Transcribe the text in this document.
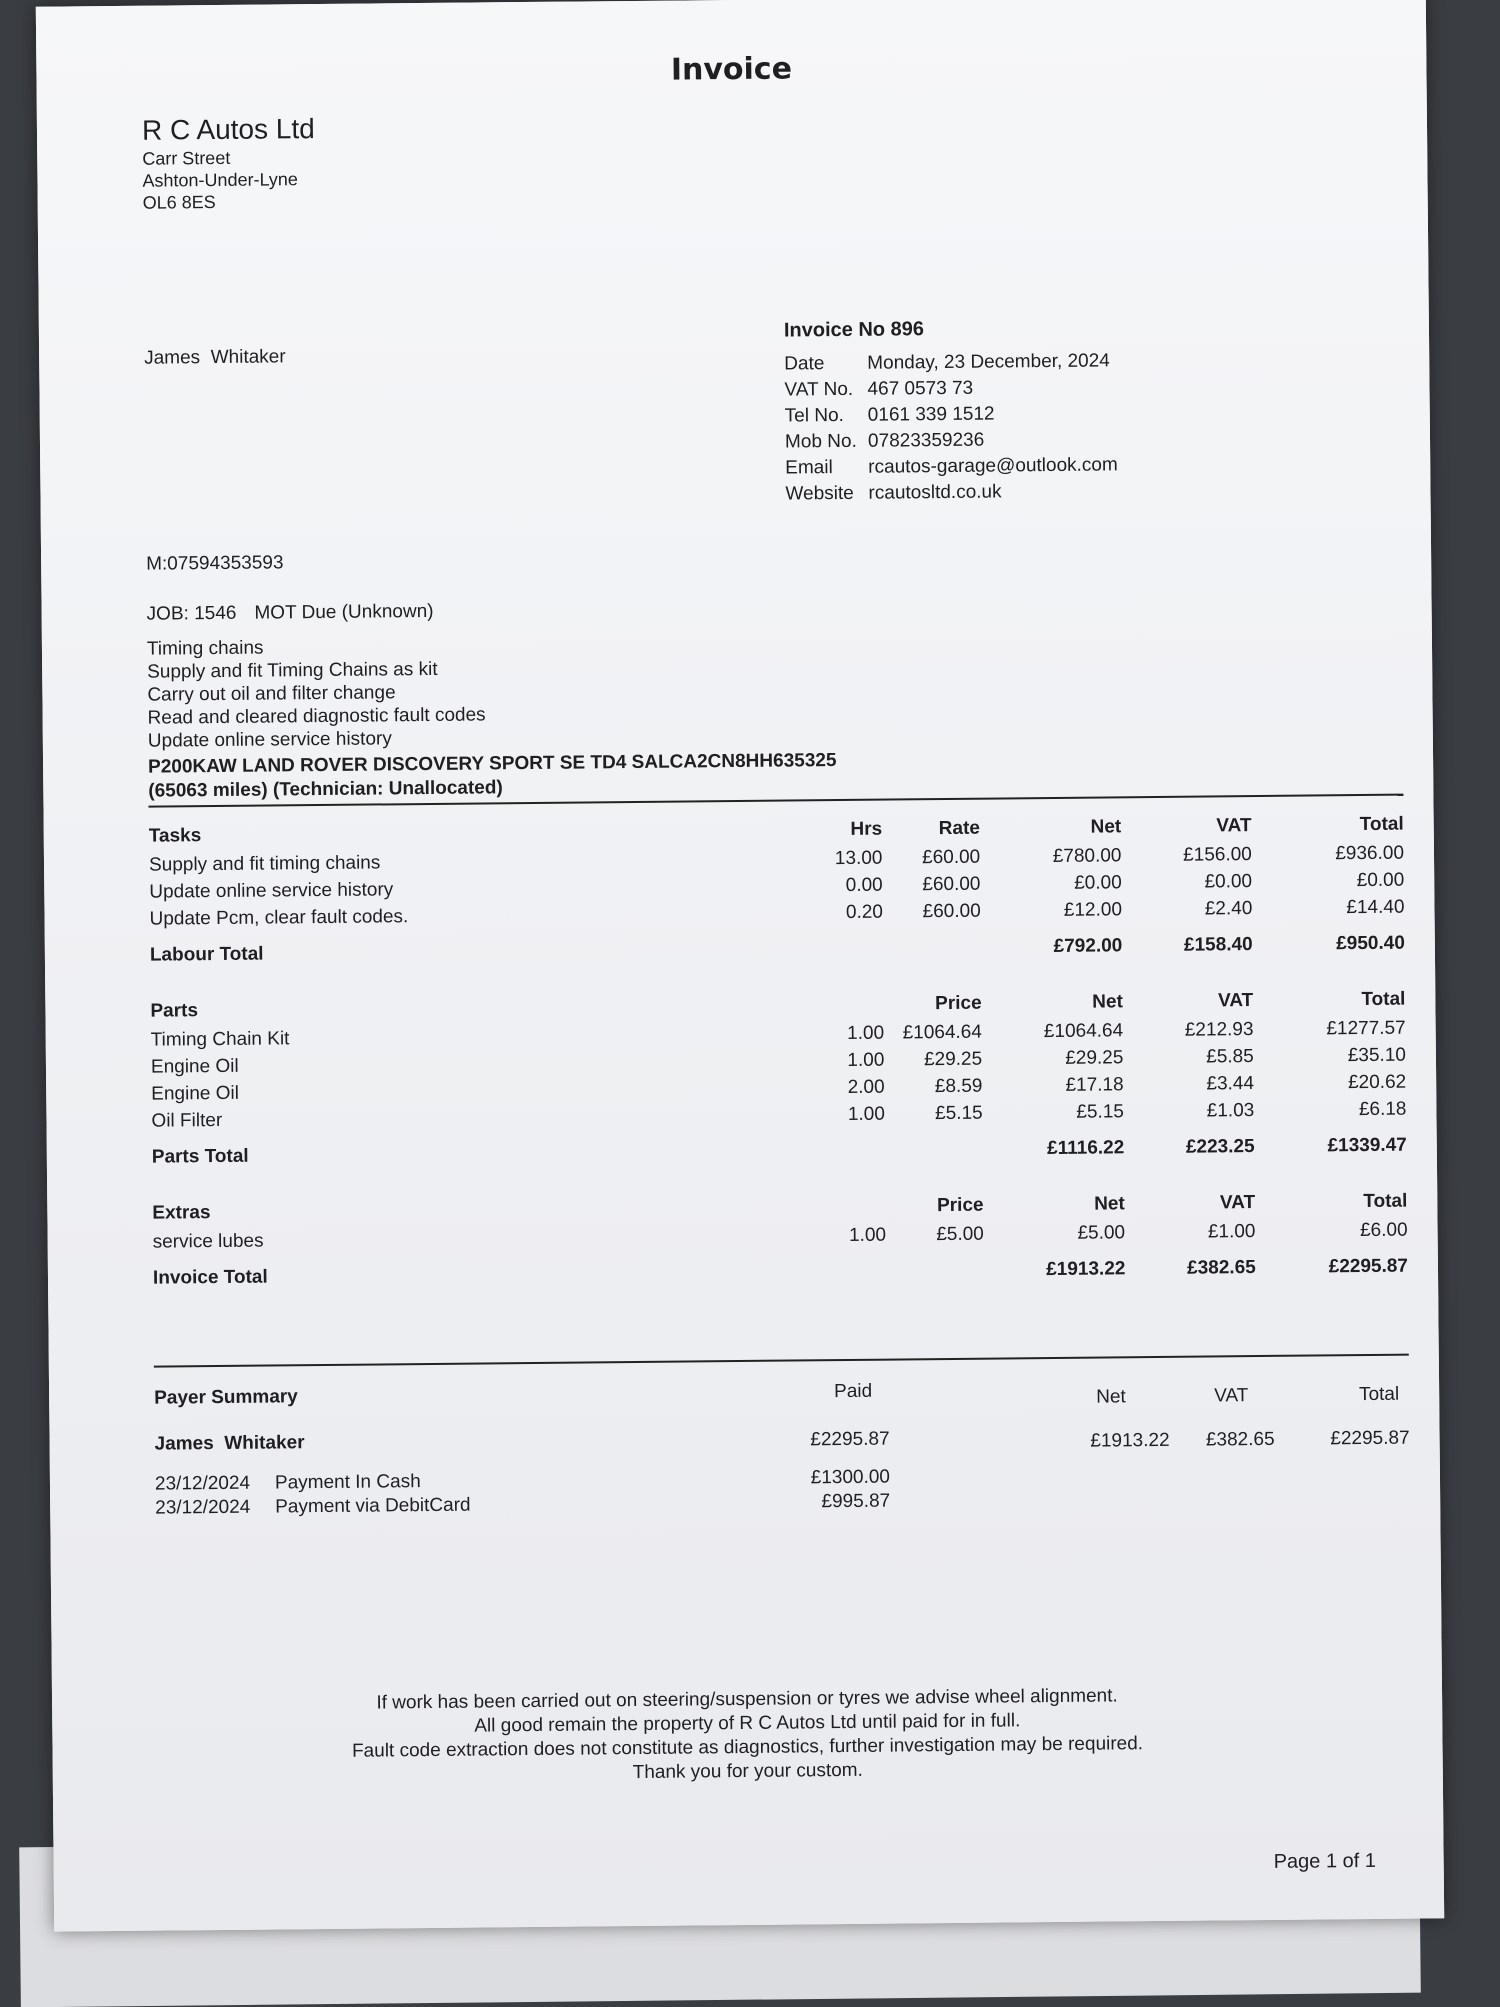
Invoice
R C Autos Ltd
Carr Street
Ashton-Under-Lyne
OL6 8ES
James  Whitaker
Invoice No 896
Date	Monday, 23 December, 2024
VAT No. 467 0573 73
Tel No.	0161 339 1512
Mob No. 07823359236
Email	rcautos-garage@outlook.com
Website rcautosltd.co.uk
M:07594353593
JOB: 1546 MOT Due (Unknown)
Timing chains
Supply and fit Timing Chains as kit
Carry out oil and filter change
Read and cleared diagnostic fault codes
Update online service history
P200KAW LAND ROVER DISCOVERY SPORT SE TD4 SALCA2CN8HH635325
(65063 miles) (Technician: Unallocated)
Tasks	Hrs	Rate	Net	VAT	Total
Supply and fit timing chains	13.00	£60.00	£780.00	£156.00	£936.00
Update online service history	0.00	£60.00	£0.00	£0.00	£0.00
Update Pcm, clear fault codes.	0.20	£60.00	£12.00	£2.40	£14.40
Labour Total			£792.00	£158.40	£950.40
Parts		Price	Net	VAT	Total
Timing Chain Kit	1.00	£1064.64	£1064.64	£212.93	£1277.57
Engine Oil	1.00	£29.25	£29.25	£5.85	£35.10
Engine Oil	2.00	£8.59	£17.18	£3.44	£20.62
Oil Filter	1.00	£5.15	£5.15	£1.03	£6.18
Parts Total			£1116.22	£223.25	£1339.47
Extras		Price	Net	VAT	Total
service lubes	1.00	£5.00	£5.00	£1.00	£6.00
Invoice Total			£1913.22	£382.65	£2295.87
Payer Summary	Paid	Net	VAT	Total
James  Whitaker	£2295.87	£1913.22 £382.65	£2295.87
23/12/2024 Payment In Cash	£1300.00
23/12/2024 Payment via DebitCard	£995.87
If work has been carried out on steering/suspension or tyres we advise wheel alignment.
All good remain the property of R C Autos Ltd until paid for in full.
Fault code extraction does not constitute as diagnostics, further investigation may be required.
Thank you for your custom.
Page 1 of 1
